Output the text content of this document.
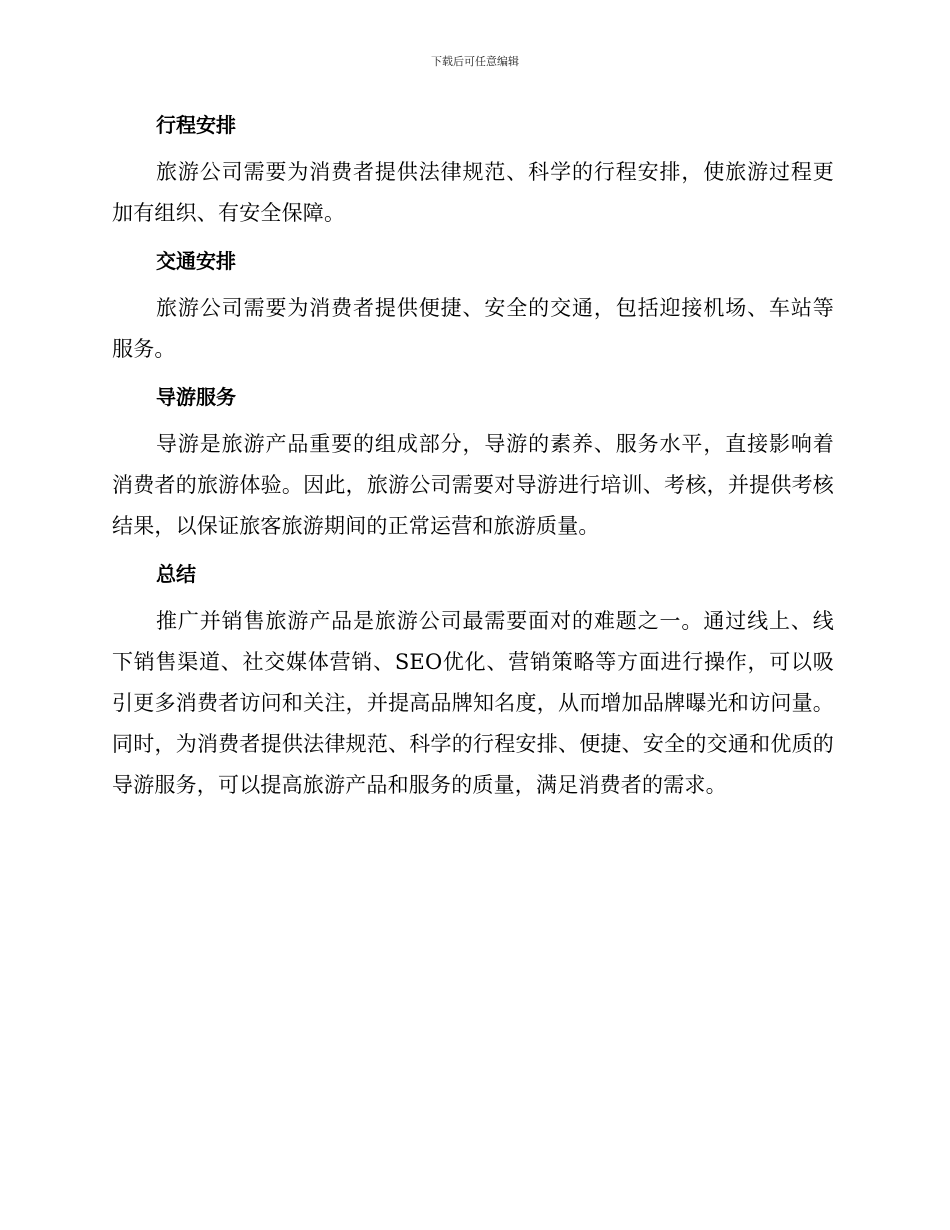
下载后可任意编辑
行程安排

旅游公司需要为消费者提供法律规范、科学的行程安排，使旅游过程更加有组织、有安全保障。

交通安排

旅游公司需要为消费者提供便捷、安全的交通，包括迎接机场、车站等服务。

导游服务

导游是旅游产品重要的组成部分，导游的素养、服务水平，直接影响着消费者的旅游体验。因此，旅游公司需要对导游进行培训、考核，并提供考核结果，以保证旅客旅游期间的正常运营和旅游质量。

总结

推广并销售旅游产品是旅游公司最需要面对的难题之一。通过线上、线下销售渠道、社交媒体营销、SEO优化、营销策略等方面进行操作，可以吸引更多消费者访问和关注，并提高品牌知名度，从而增加品牌曝光和访问量。同时，为消费者提供法律规范、科学的行程安排、便捷、安全的交通和优质的导游服务，可以提高旅游产品和服务的质量，满足消费者的需求。
